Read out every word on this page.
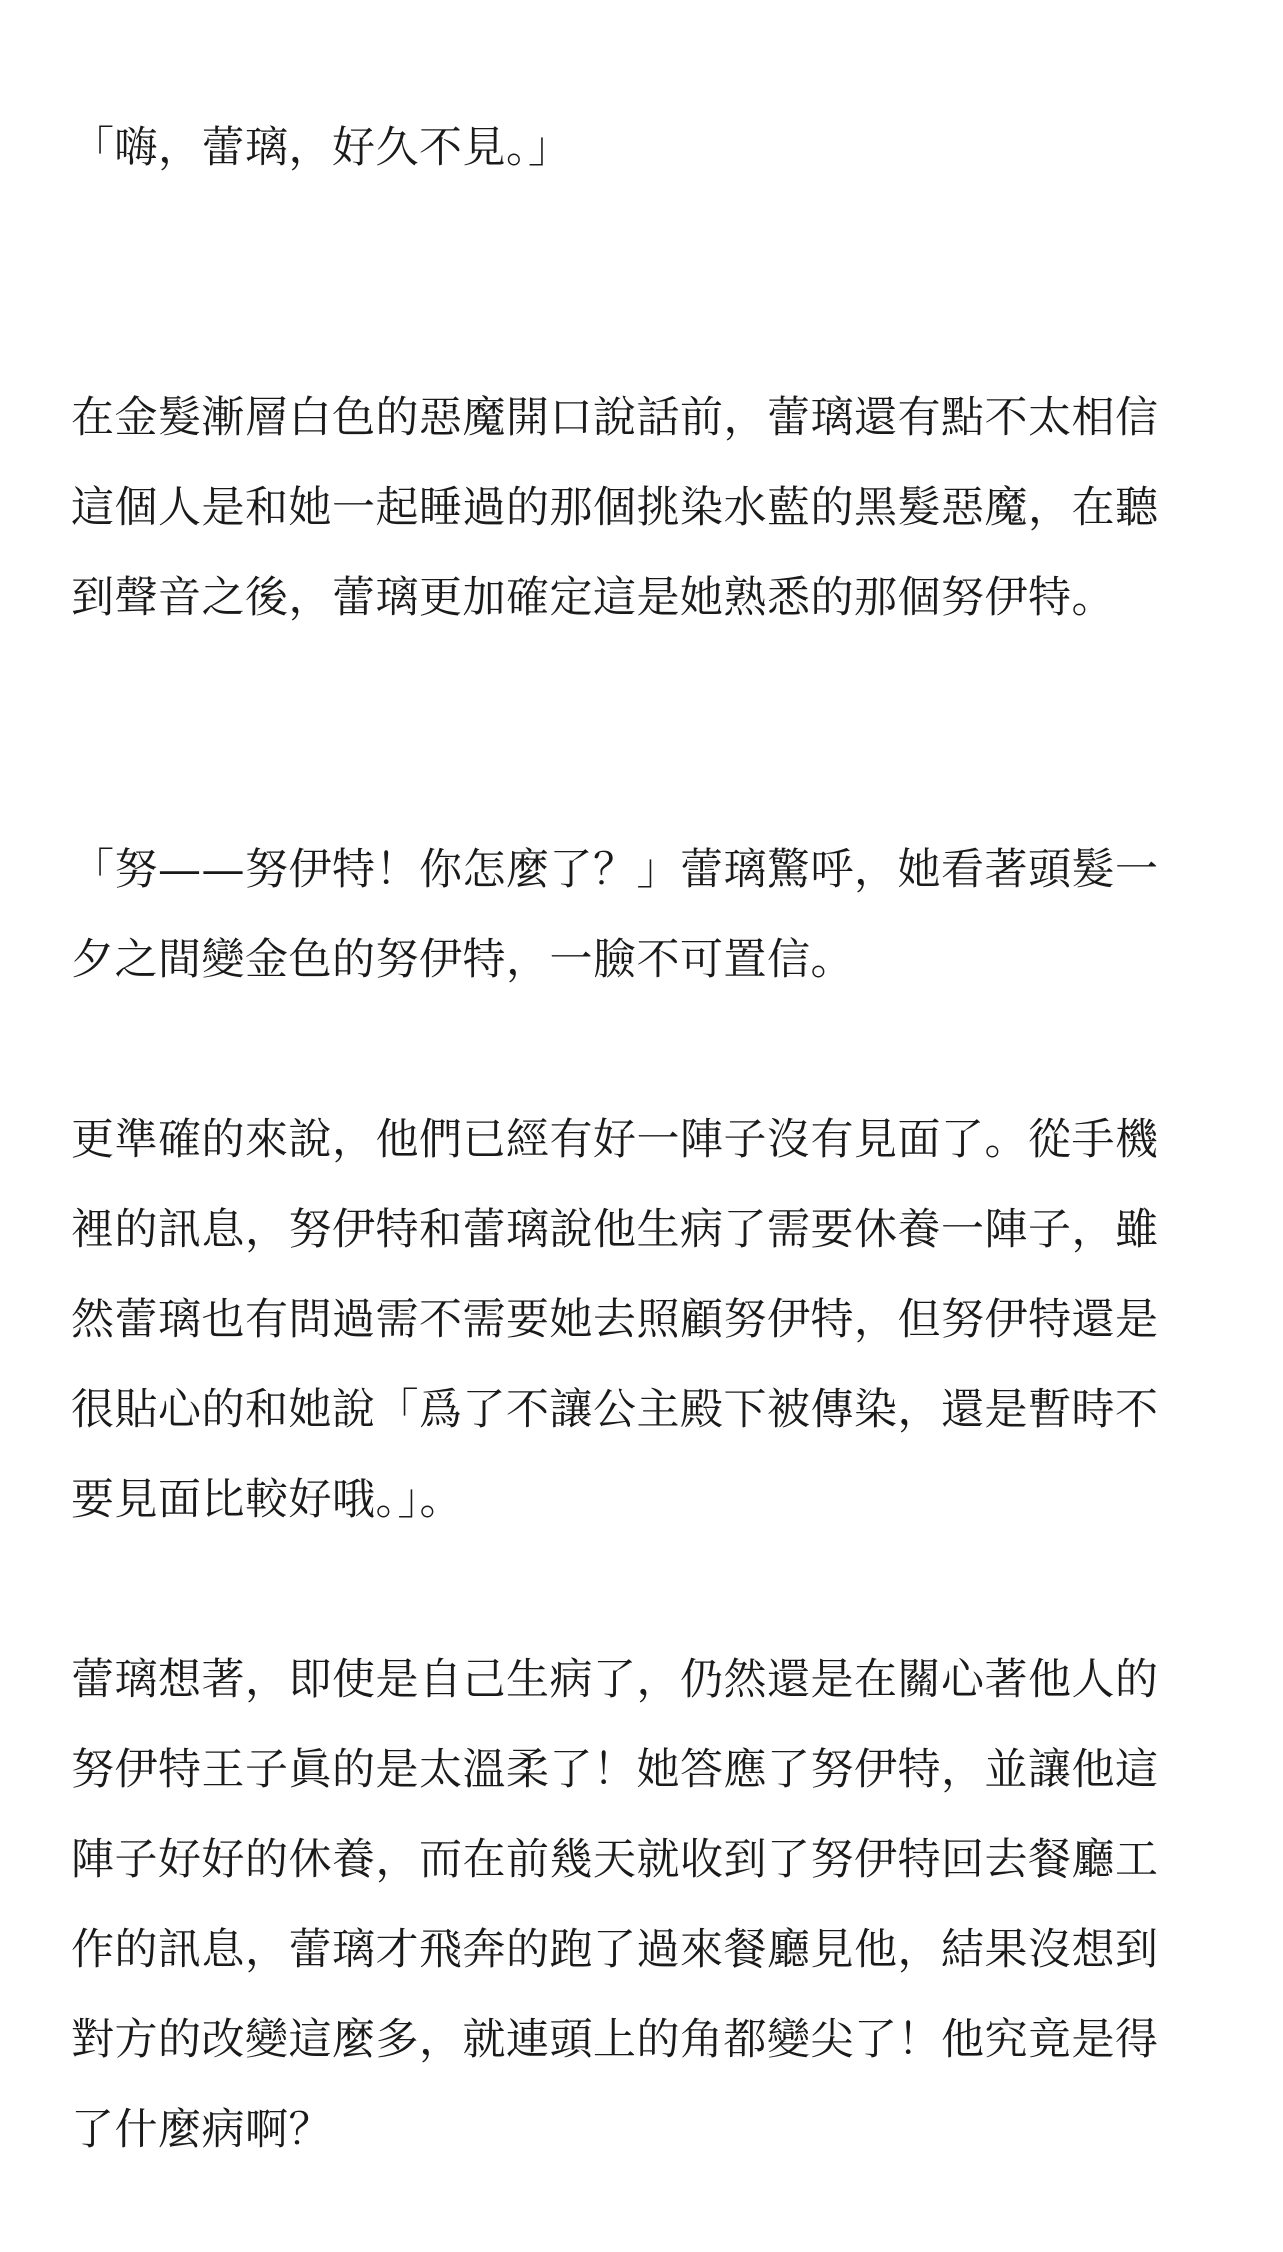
「嗨，蕾璃，好久不見。」

在金髮漸層白色的惡魔開口說話前，蕾璃還有點不太相信

這個人是和她一起睡過的那個挑染水藍的黑髮惡魔，在聽

到聲音之後，蕾璃更加確定這是她熟悉的那個努伊特。

「努——努伊特！你怎麼了？」蕾璃驚呼，她看著頭髮一

夕之間變金色的努伊特，一臉不可置信。

更準確的來說，他們已經有好一陣子沒有見面了。從手機

裡的訊息，努伊特和蕾璃說他生病了需要休養一陣子，雖

然蕾璃也有問過需不需要她去照顧努伊特，但努伊特還是

很貼心的和她說「爲了不讓公主殿下被傳染，還是暫時不

要見面比較好哦。」。

蕾璃想著，即使是自己生病了，仍然還是在關心著他人的

努伊特王子眞的是太溫柔了！她答應了努伊特，並讓他這

陣子好好的休養，而在前幾天就收到了努伊特回去餐廳工

作的訊息，蕾璃才飛奔的跑了過來餐廳見他，結果沒想到

對方的改變這麼多，就連頭上的角都變尖了！他究竟是得

了什麼病啊？
